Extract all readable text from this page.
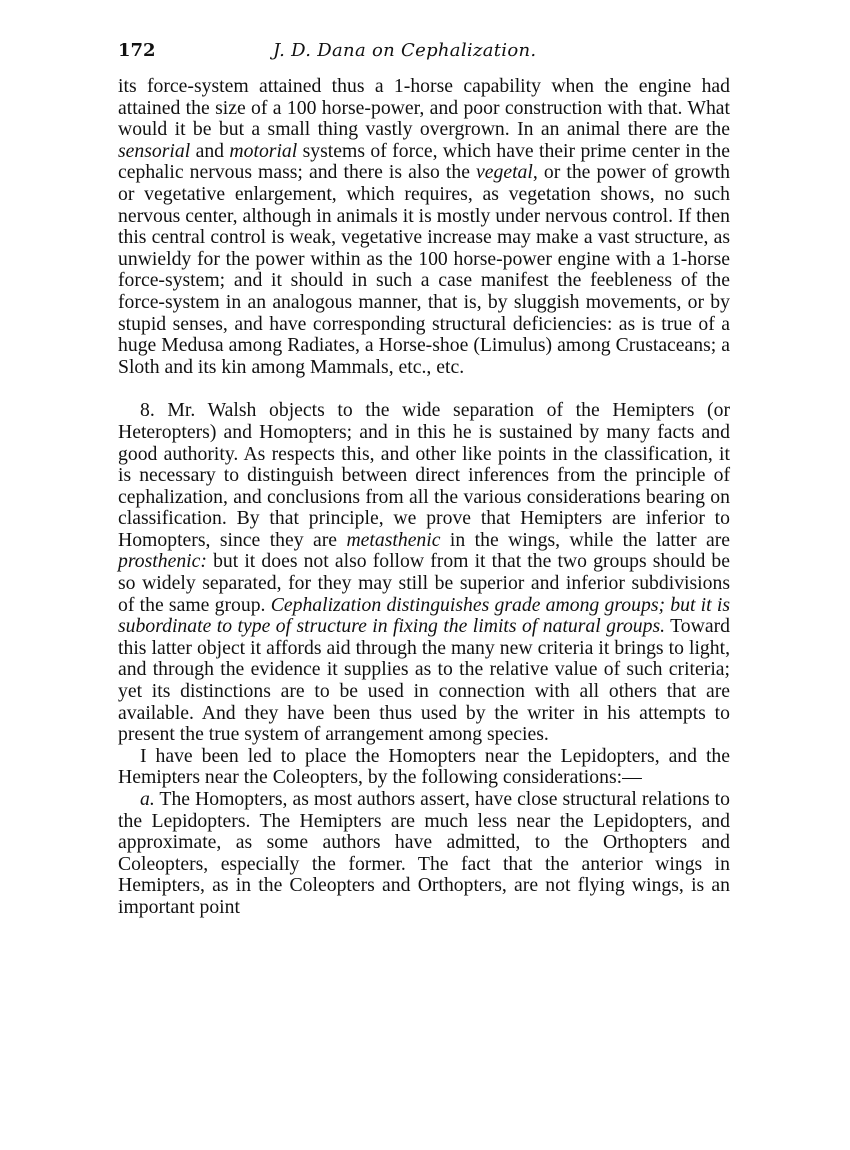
172	J. D. Dana on Cephalization.

its force-system attained thus a 1-horse capability when the engine had attained the size of a 100 horse-power, and poor construction with that. What would it be but a small thing vastly overgrown. In an animal there are the sensorial and motorial systems of force, which have their prime center in the cephalic nervous mass; and there is also the vegetal, or the power of growth or vegetative enlargement, which requires, as vegetation shows, no such nervous center, although in animals it is mostly under nervous control. If then this central control is weak, vegetative increase may make a vast structure, as unwieldy for the power within as the 100 horse-power engine with a 1-horse force-system; and it should in such a case manifest the feebleness of the force-system in an analogous manner, that is, by sluggish movements, or by stupid senses, and have corresponding structural deficiencies: as is true of a huge Medusa among Radiates, a Horse-shoe (Limulus) among Crustaceans; a Sloth and its kin among Mammals, etc., etc.

8. Mr. Walsh objects to the wide separation of the Hemipters (or Heteropters) and Homopters; and in this he is sustained by many facts and good authority. As respects this, and other like points in the classification, it is necessary to distinguish between direct inferences from the principle of cephalization, and conclusions from all the various considerations bearing on classification. By that principle, we prove that Hemipters are inferior to Homopters, since they are metasthenic in the wings, while the latter are prosthenic: but it does not also follow from it that the two groups should be so widely separated, for they may still be superior and inferior subdivisions of the same group. Cephalization distinguishes grade among groups; but it is subordinate to type of structure in fixing the limits of natural groups. Toward this latter object it affords aid through the many new criteria it brings to light, and through the evidence it supplies as to the relative value of such criteria; yet its distinctions are to be used in connection with all others that are available. And they have been thus used by the writer in his attempts to present the true system of arrangement among species.

I have been led to place the Homopters near the Lepidopters, and the Hemipters near the Coleopters, by the following considerations:—

a. The Homopters, as most authors assert, have close structural relations to the Lepidopters. The Hemipters are much less near the Lepidopters, and approximate, as some authors have admitted, to the Orthopters and Coleopters, especially the former. The fact that the anterior wings in Hemipters, as in the Coleopters and Orthopters, are not flying wings, is an important point
